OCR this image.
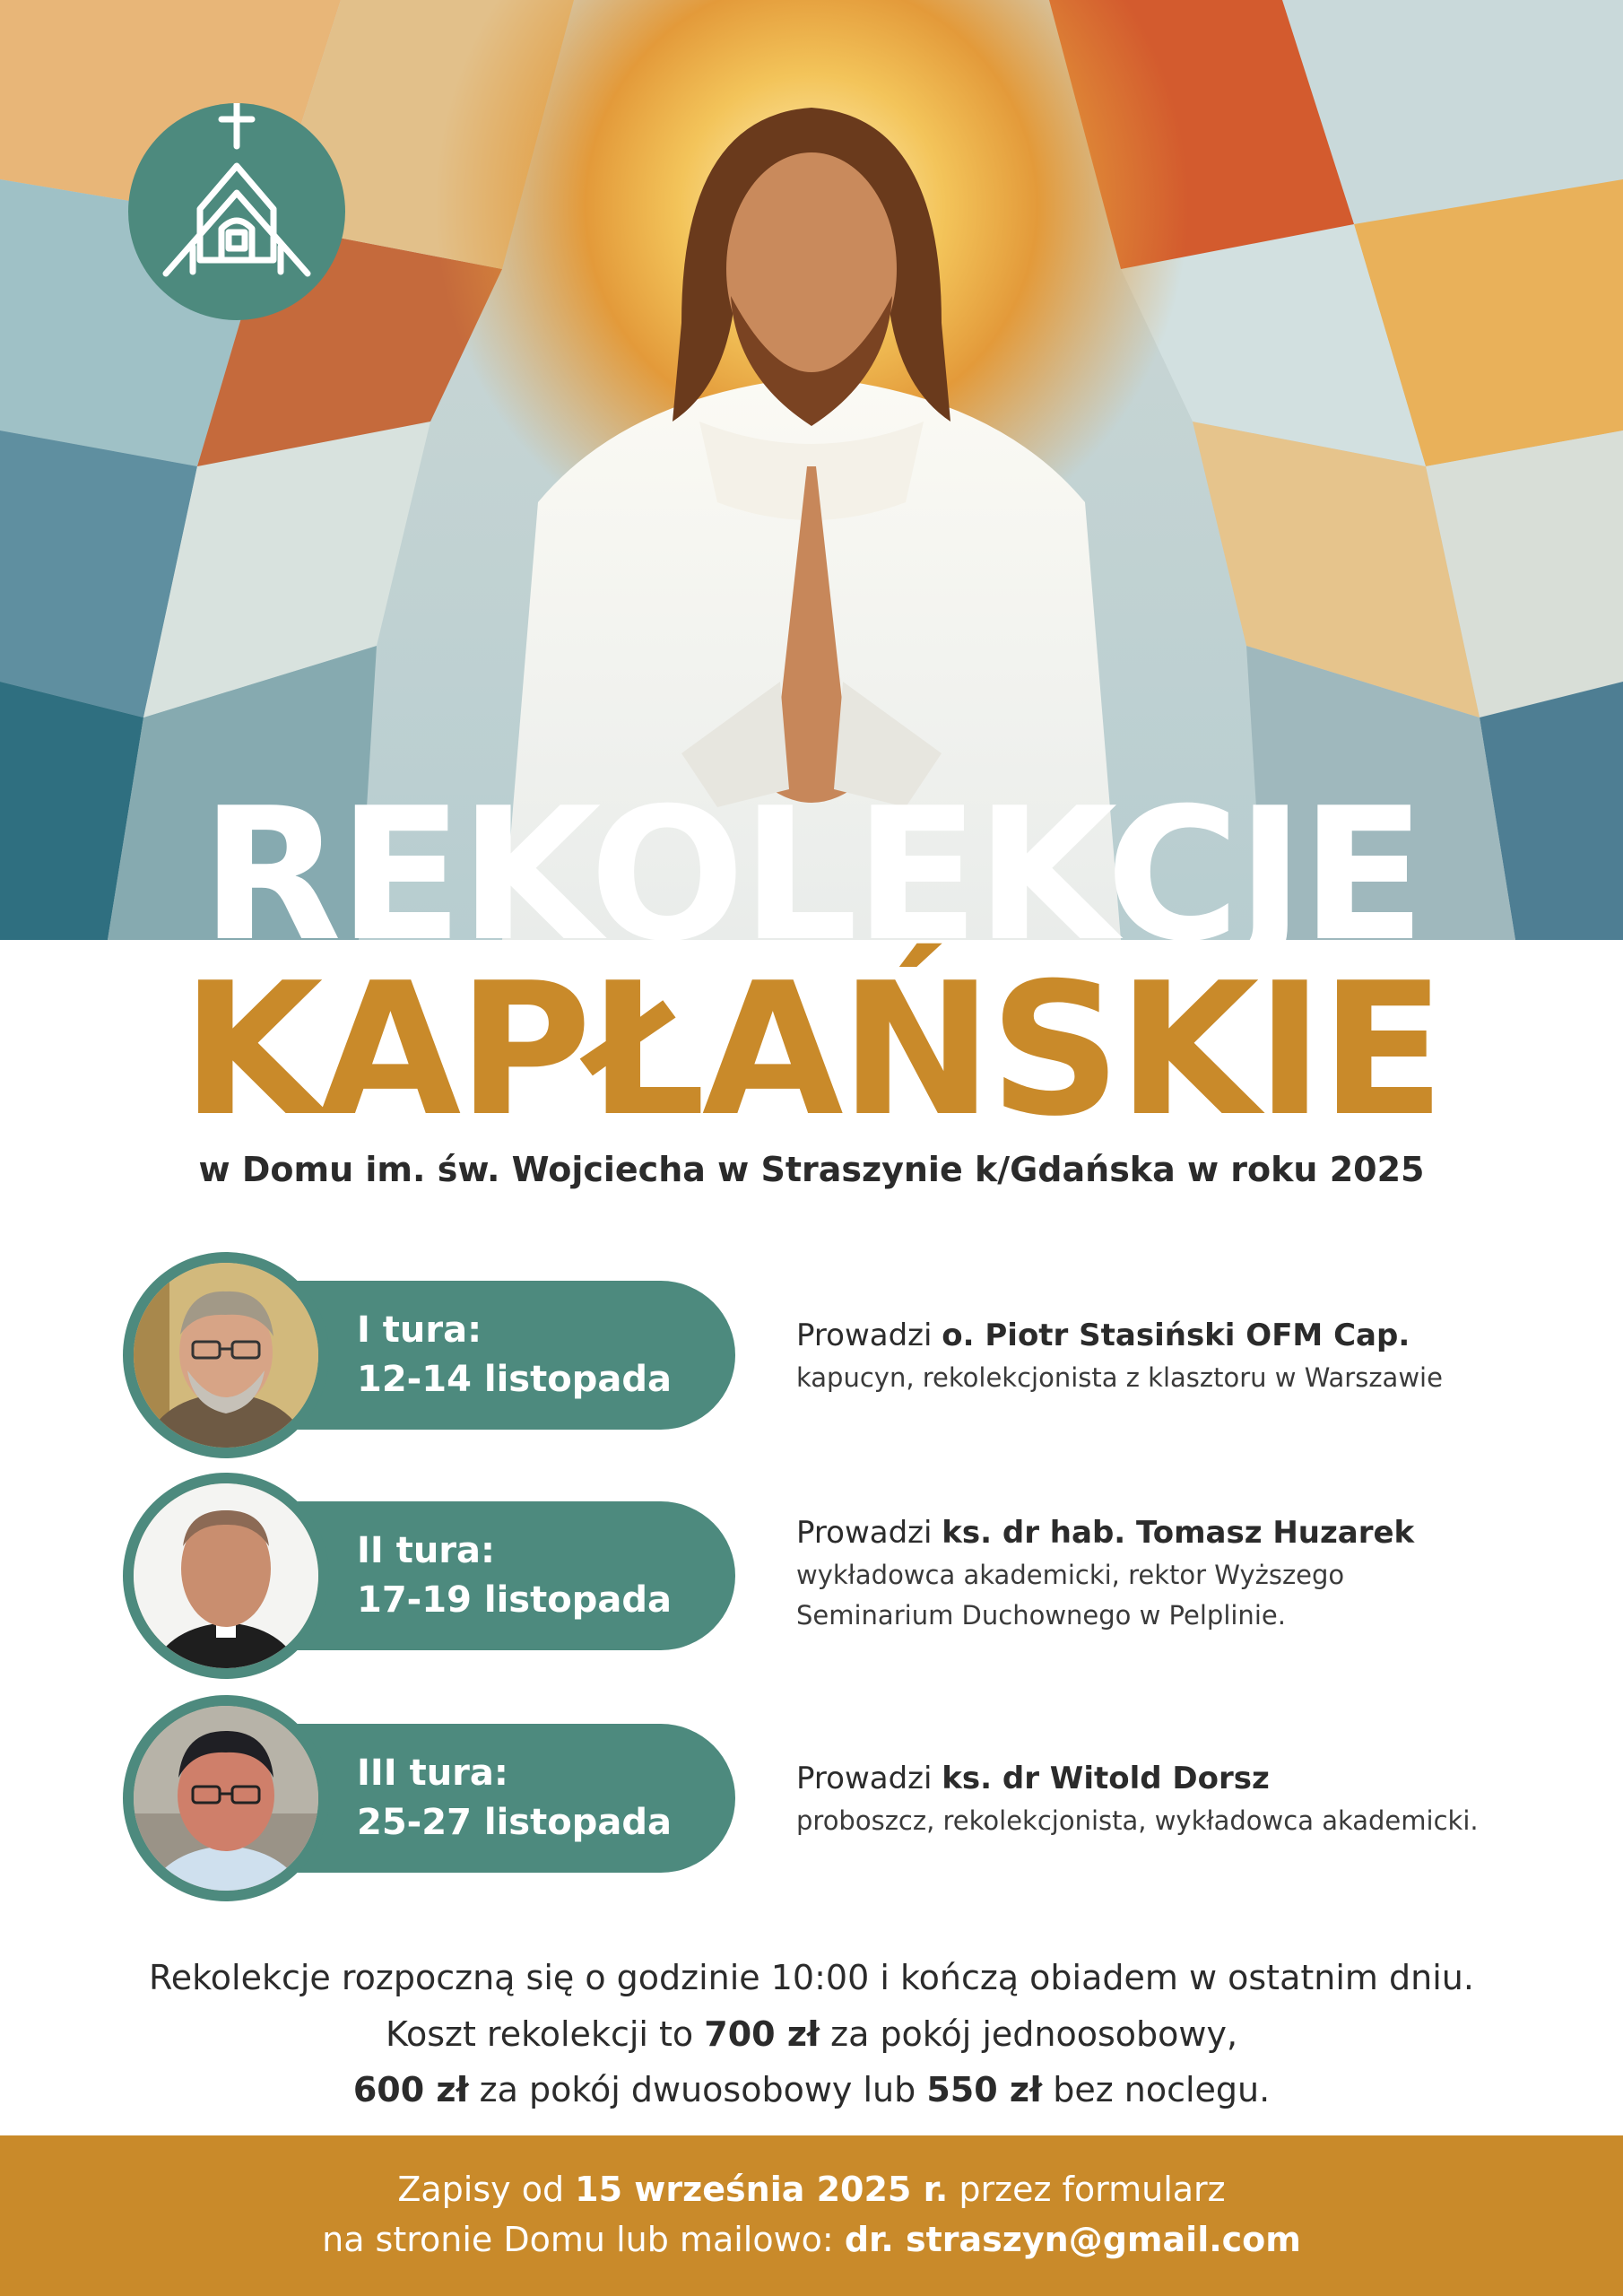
REKOLEKCJE
KAPŁAŃSKIE
w Domu im. św. Wojciecha w Straszynie k/Gdańska w roku 2025
I tura:
12-14 listopada
Prowadzi o. Piotr Stasiński OFM Cap.
kapucyn, rekolekcjonista z klasztoru w Warszawie
II tura:
17-19 listopada
Prowadzi ks. dr hab. Tomasz Huzarek
wykładowca akademicki, rektor Wyższego
Seminarium Duchownego w Pelplinie.
III tura:
25-27 listopada
Prowadzi ks. dr Witold Dorsz
proboszcz, rekolekcjonista, wykładowca akademicki.
Rekolekcje rozpoczną się o godzinie 10:00 i kończą obiadem w ostatnim dniu.
Koszt rekolekcji to 700 zł za pokój jednoosobowy,
600 zł za pokój dwuosobowy lub 550 zł bez noclegu.
Zapisy od 15 września 2025 r. przez formularz
na stronie Domu lub mailowo: dr. straszyn@gmail.com
